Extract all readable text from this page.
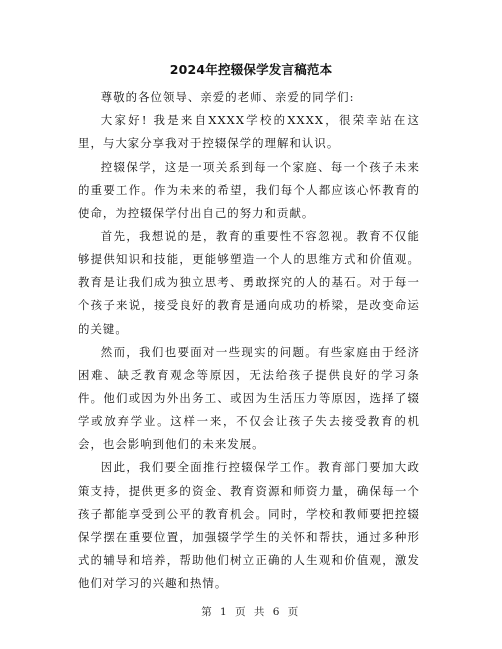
2024年控辍保学发言稿范本

尊敬的各位领导、亲爱的老师、亲爱的同学们:

大家好! 我是来自XXXX学校的XXXX，很荣幸站在这里，与大家分享我对于控辍保学的理解和认识。

控辍保学，这是一项关系到每一个家庭、每一个孩子未来的重要工作。作为未来的希望，我们每个人都应该心怀教育的使命，为控辍保学付出自己的努力和贡献。

首先，我想说的是，教育的重要性不容忽视。教育不仅能够提供知识和技能，更能够塑造一个人的思维方式和价值观。教育是让我们成为独立思考、勇敢探究的人的基石。对于每一个孩子来说，接受良好的教育是通向成功的桥梁，是改变命运的关键。

然而，我们也要面对一些现实的问题。有些家庭由于经济困难、缺乏教育观念等原因，无法给孩子提供良好的学习条件。他们或因为外出务工、或因为生活压力等原因，选择了辍学或放弃学业。这样一来，不仅会让孩子失去接受教育的机会，也会影响到他们的未来发展。

因此，我们要全面推行控辍保学工作。教育部门要加大政策支持，提供更多的资金、教育资源和师资力量，确保每一个孩子都能享受到公平的教育机会。同时，学校和教师要把控辍保学摆在重要位置，加强辍学学生的关怀和帮扶，通过多种形式的辅导和培养，帮助他们树立正确的人生观和价值观，激发他们对学习的兴趣和热情。

第 1 页 共 6 页
